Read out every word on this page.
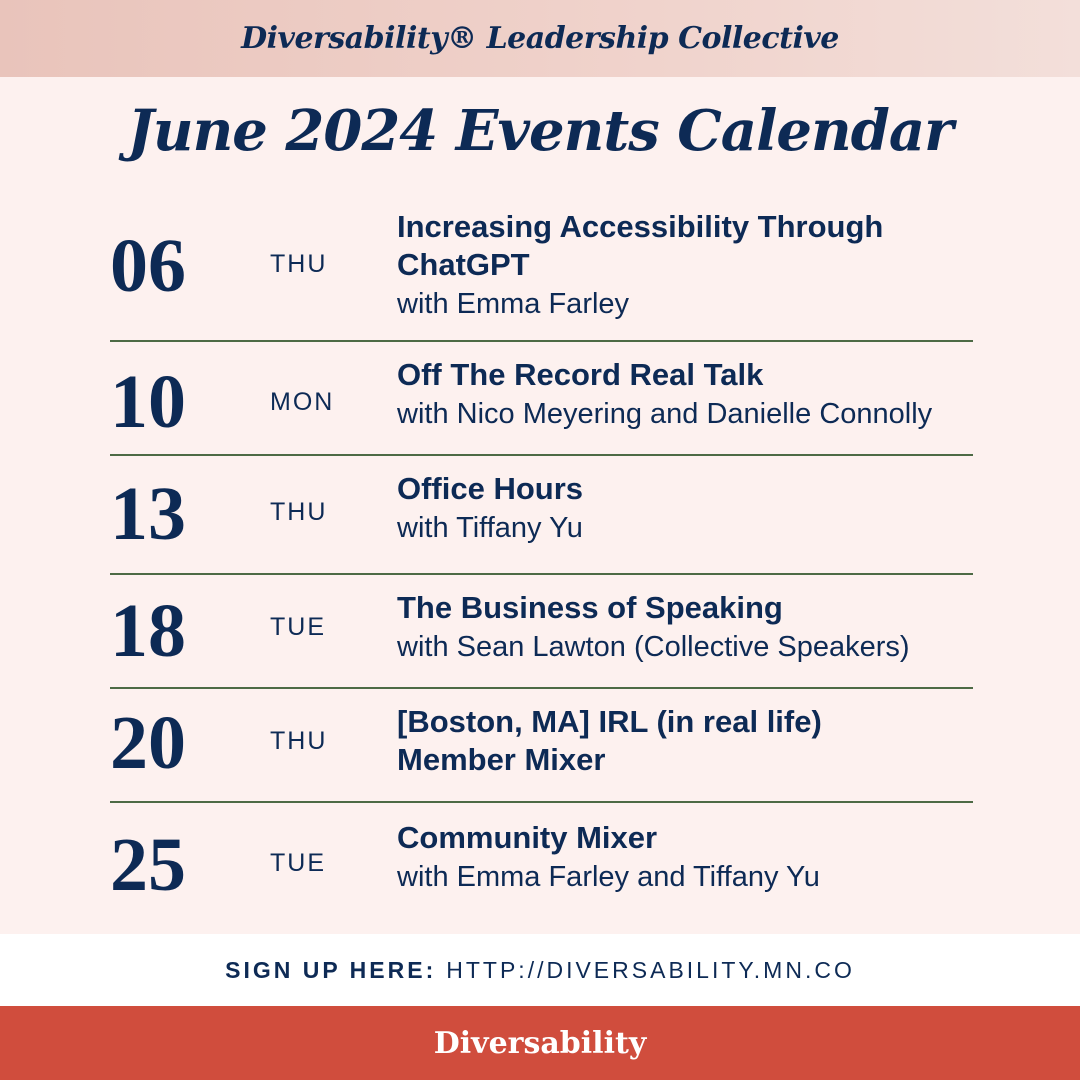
Diversability® Leadership Collective
June 2024 Events Calendar
06	THU
Increasing Accessibility Through ChatGPT
with Emma Farley
10	MON
Off The Record Real Talk
with Nico Meyering and Danielle Connolly
13	THU
Office Hours
with Tiffany Yu
18	TUE
The Business of Speaking
with Sean Lawton (Collective Speakers)
20	THU
[Boston, MA] IRL (in real life) Member Mixer
25	TUE
Community Mixer
with Emma Farley and Tiffany Yu
SIGN UP HERE: HTTP://DIVERSABILITY.MN.CO
Diversability
